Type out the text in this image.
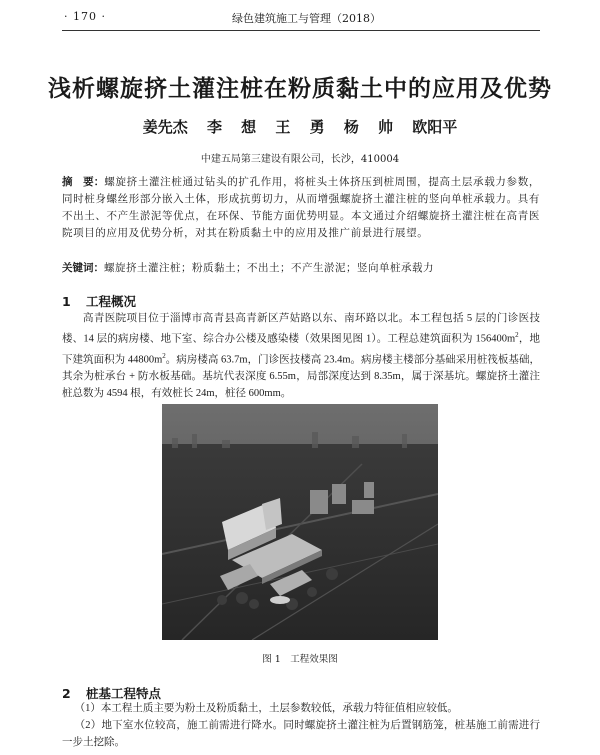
· 170 ·	绿色建筑施工与管理（2018）
浅析螺旋挤土灌注桩在粉质黏土中的应用及优势
姜先杰 李 想 王 勇 杨 帅 欧阳平
中建五局第三建设有限公司，长沙，410004
摘　要：螺旋挤土灌注桩通过钻头的扩孔作用，将桩头土体挤压到桩周围，提高土层承载力参数，同时桩身螺丝形部分嵌入土体，形成抗剪切力，从而增强螺旋挤土灌注桩的竖向单桩承载力。具有不出土、不产生淤泥等优点，在环保、节能方面优势明显。本文通过介绍螺旋挤土灌注桩在高青医院项目的应用及优势分析，对其在粉质黏土中的应用及推广前景进行展望。
关键词：螺旋挤土灌注桩；粉质黏土；不出土；不产生淤泥；竖向单桩承载力
1 工程概况
高青医院项目位于淄博市高青县高青新区芦姑路以东、南环路以北。本工程包括 5 层的门诊医技楼、14 层的病房楼、地下室、综合办公楼及感染楼（效果图见图 1）。工程总建筑面积为 $156400m^2$，地下建筑面积为 $44800m^2$。病房楼高 63.7m，门诊医技楼高 23.4m。病房楼主楼部分基础采用桩筏板基础，其余为桩承台 + 防水板基础。基坑代表深度 6.55m，局部深度达到 8.35m，属于深基坑。螺旋挤土灌注桩总数为 4594 根，有效桩长 24m，桩径 600mm。
图 1　工程效果图
2 桩基工程特点

（1）本工程土质主要为粉土及粉质黏土，土层参数较低，承载力特征值相应较低。

（2）地下室水位较高，施工前需进行降水。同时螺旋挤土灌注桩为后置钢筋笼，桩基施工前需进行一步土挖除。
